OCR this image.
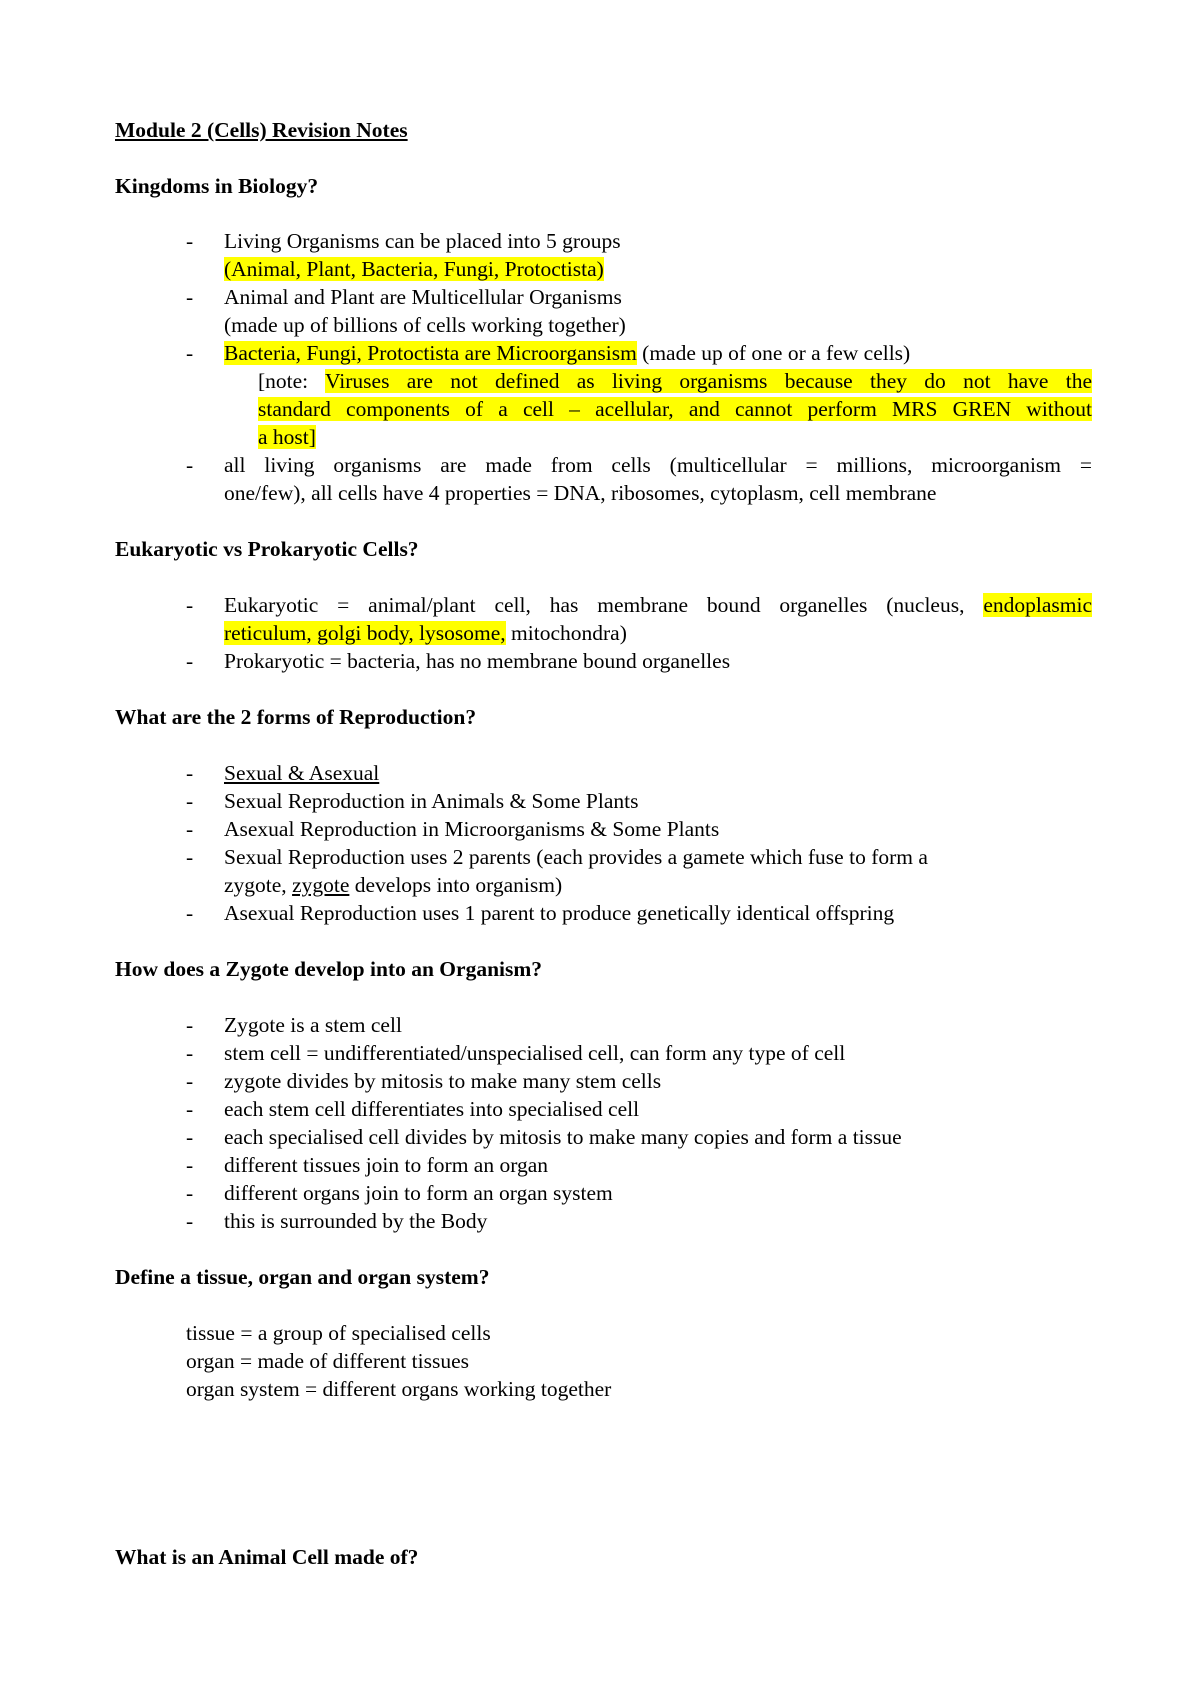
Module 2 (Cells) Revision Notes
Kingdoms in Biology?
- Living Organisms can be placed into 5 groups
(Animal, Plant, Bacteria, Fungi, Protoctista)
- Animal and Plant are Multicellular Organisms
(made up of billions of cells working together)
- Bacteria, Fungi, Protoctista are Microorgansism (made up of one or a few cells)
[note: Viruses are not defined as living organisms because they do not have the
standard components of a cell – acellular, and cannot perform MRS GREN without
a host]
- all living organisms are made from cells (multicellular = millions, microorganism =
one/few), all cells have 4 properties = DNA, ribosomes, cytoplasm, cell membrane
Eukaryotic vs Prokaryotic Cells?
- Eukaryotic = animal/plant cell, has membrane bound organelles (nucleus, endoplasmic
reticulum, golgi body, lysosome, mitochondra)
- Prokaryotic = bacteria, has no membrane bound organelles
What are the 2 forms of Reproduction?
- Sexual & Asexual
- Sexual Reproduction in Animals & Some Plants
- Asexual Reproduction in Microorganisms & Some Plants
- Sexual Reproduction uses 2 parents (each provides a gamete which fuse to form a
zygote, zygote develops into organism)
- Asexual Reproduction uses 1 parent to produce genetically identical offspring
How does a Zygote develop into an Organism?
- Zygote is a stem cell
- stem cell = undifferentiated/unspecialised cell, can form any type of cell
- zygote divides by mitosis to make many stem cells
- each stem cell differentiates into specialised cell
- each specialised cell divides by mitosis to make many copies and form a tissue
- different tissues join to form an organ
- different organs join to form an organ system
- this is surrounded by the Body
Define a tissue, organ and organ system?
tissue = a group of specialised cells
organ = made of different tissues
organ system = different organs working together
What is an Animal Cell made of?
